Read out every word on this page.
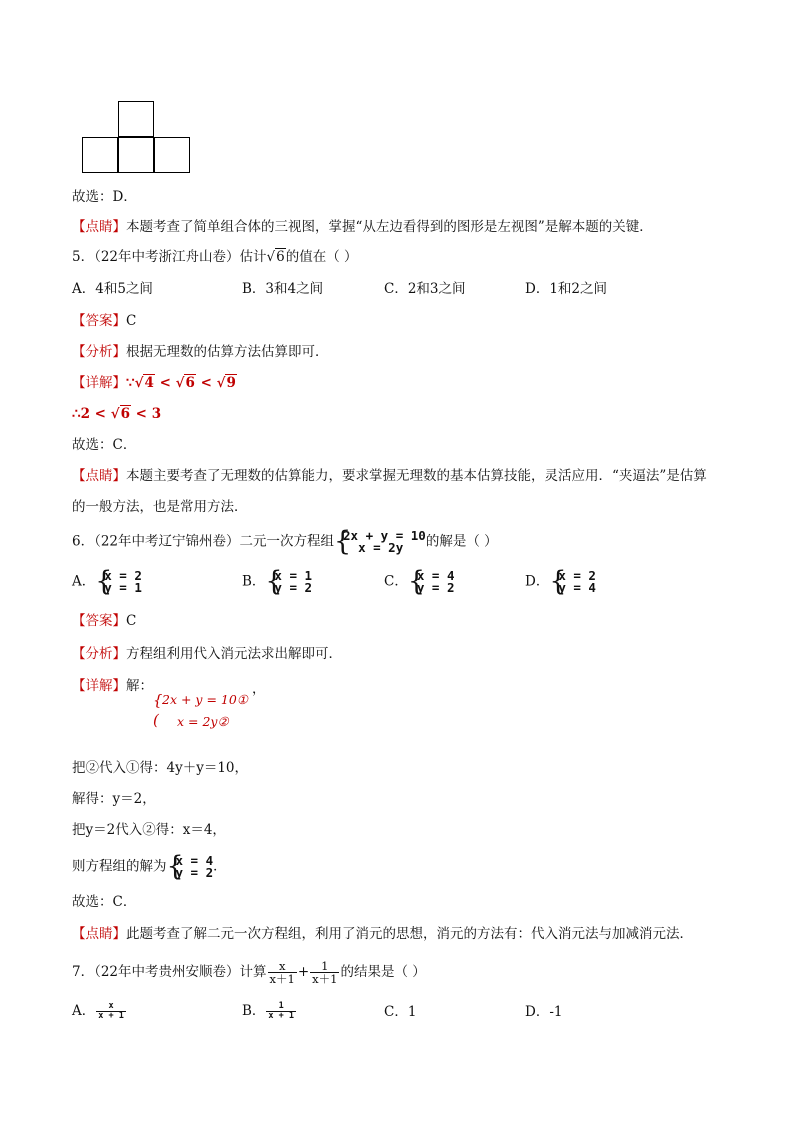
故选：D．
【点睛】本题考查了简单组合体的三视图，掌握“从左边看得到的图形是左视图”是解本题的关键．
5．（22年中考浙江舟山卷）估计√6的值在（ ）
A．4和5之间	B．3和4之间	C．2和3之间	D．1和2之间
【答案】C
【分析】根据无理数的估算方法估算即可．
【详解】∵√4 < √6 < √9
∴2 < √6 < 3
故选：C．
【点睛】本题主要考查了无理数的估算能力，要求掌握无理数的基本估算技能，灵活应用．“夹逼法”是估算
的一般方法，也是常用方法．
6．（22年中考辽宁锦州卷）二元一次方程组 {
2x + y = 10
x = 2y	的解是（ ）
A． {
x = 2
y = 1	B． {
x = 1
y = 2	C． {
x = 4
y = 2	D． {
x = 2
y = 4
【答案】C
【分析】方程组利用代入消元法求出解即可．
【详解】解：	，
{ 2x + y = 10①
( x = 2y②
把②代入①得：4y＋y＝10，
解得：y＝2，
把y＝2代入②得：x＝4，
则方程组的解为 {
x = 4
y = 2 ．
故选：C．
【点睛】此题考查了解二元一次方程组，利用了消元的思想，消元的方法有：代入消元法与加减消元法．
7．（22年中考贵州安顺卷）计算 $\frac{x}{x+1} + \frac{1}{x+1}$ 的结果是（ ）
A． $\frac{x}{x + 1}$	B． $\frac{1}{x + 1}$	C．1	D．-1
